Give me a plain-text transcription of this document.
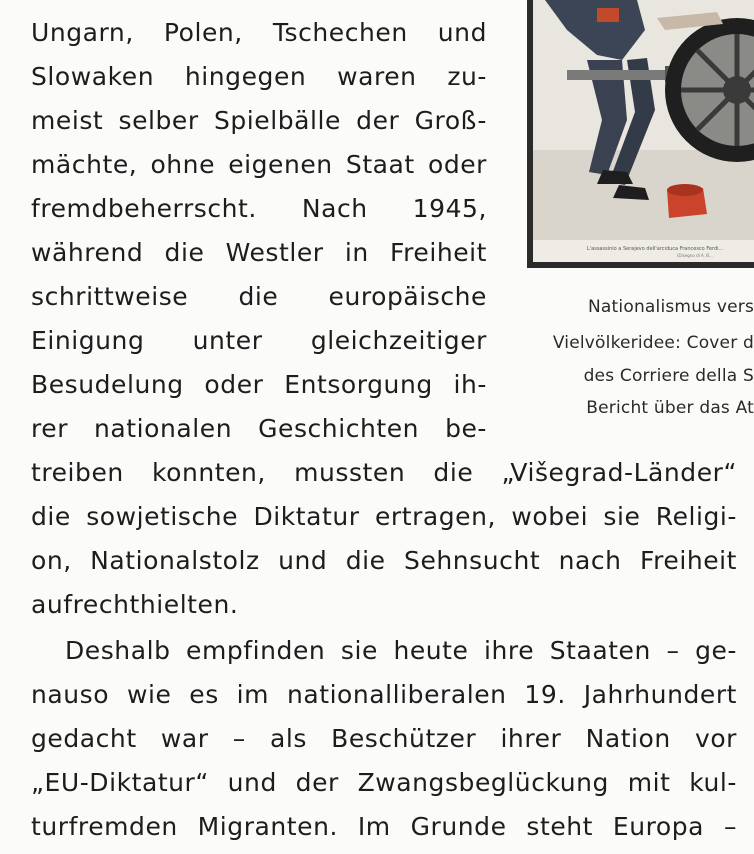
L'assassinio a Serajevo dell'arciduca Francesco Ferdi...
(Disegno di A. B...
Nationalismus vers
Vielvölkeridee: Cover d
des Corriere della S
Bericht über das At
Ungarn, Polen, Tschechen und
Slowaken hingegen waren zu-
meist selber Spielbälle der Groß-
mächte, ohne eigenen Staat oder
fremdbeherrscht. Nach 1945,
während die Westler in Freiheit
schrittweise die europäische
Einigung unter gleichzeitiger
Besudelung oder Entsorgung ih-
rer nationalen Geschichten be-
treiben konnten, mussten die „Višegrad-Länder“
die sowjetische Diktatur ertragen, wobei sie Religi-
on, Nationalstolz und die Sehnsucht nach Freiheit
aufrechthielten.
Deshalb empfinden sie heute ihre Staaten – ge-
nauso wie es im nationalliberalen 19. Jahrhundert
gedacht war – als Beschützer ihrer Nation vor
„EU-Diktatur“ und der Zwangsbeglückung mit kul-
turfremden Migranten. Im Grunde steht Europa –
